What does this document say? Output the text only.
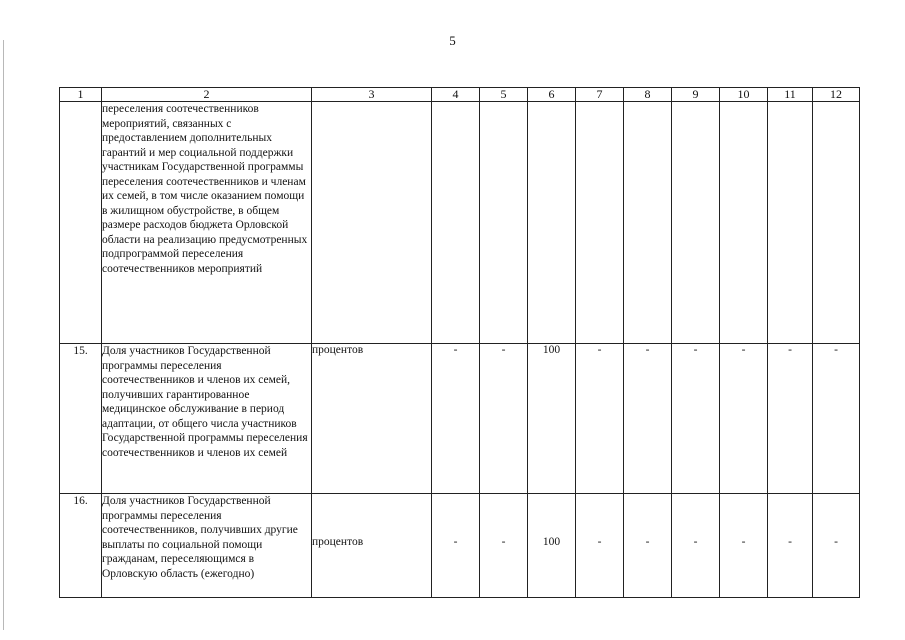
5
1	2	3	4	5	6	7	8	9	10	11	12
	переселения соотечественников мероприятий, связанных с предоставлением дополнительных гарантий и мер социальной поддержки участникам Государственной программы переселения соотечественников и членам их семей, в том числе оказанием помощи в жилищном обустройстве, в общем размере расходов бюджета Орловской области на реализацию предусмотренных подпрограммой переселения соотечественников мероприятий										
15.	Доля участников Государственной программы переселения соотечественников и членов их семей, получивших гарантированное медицинское обслуживание в период адаптации, от общего числа участников Государственной программы переселения соотечественников и членов их семей	процентов	-	-	100	-	-	-	-	-	-
16.	Доля участников Государственной программы переселения соотечественников, получивших другие выплаты по социальной помощи гражданам, переселяющимся в Орловскую область (ежегодно)	процентов	-	-	100	-	-	-	-	-	-
